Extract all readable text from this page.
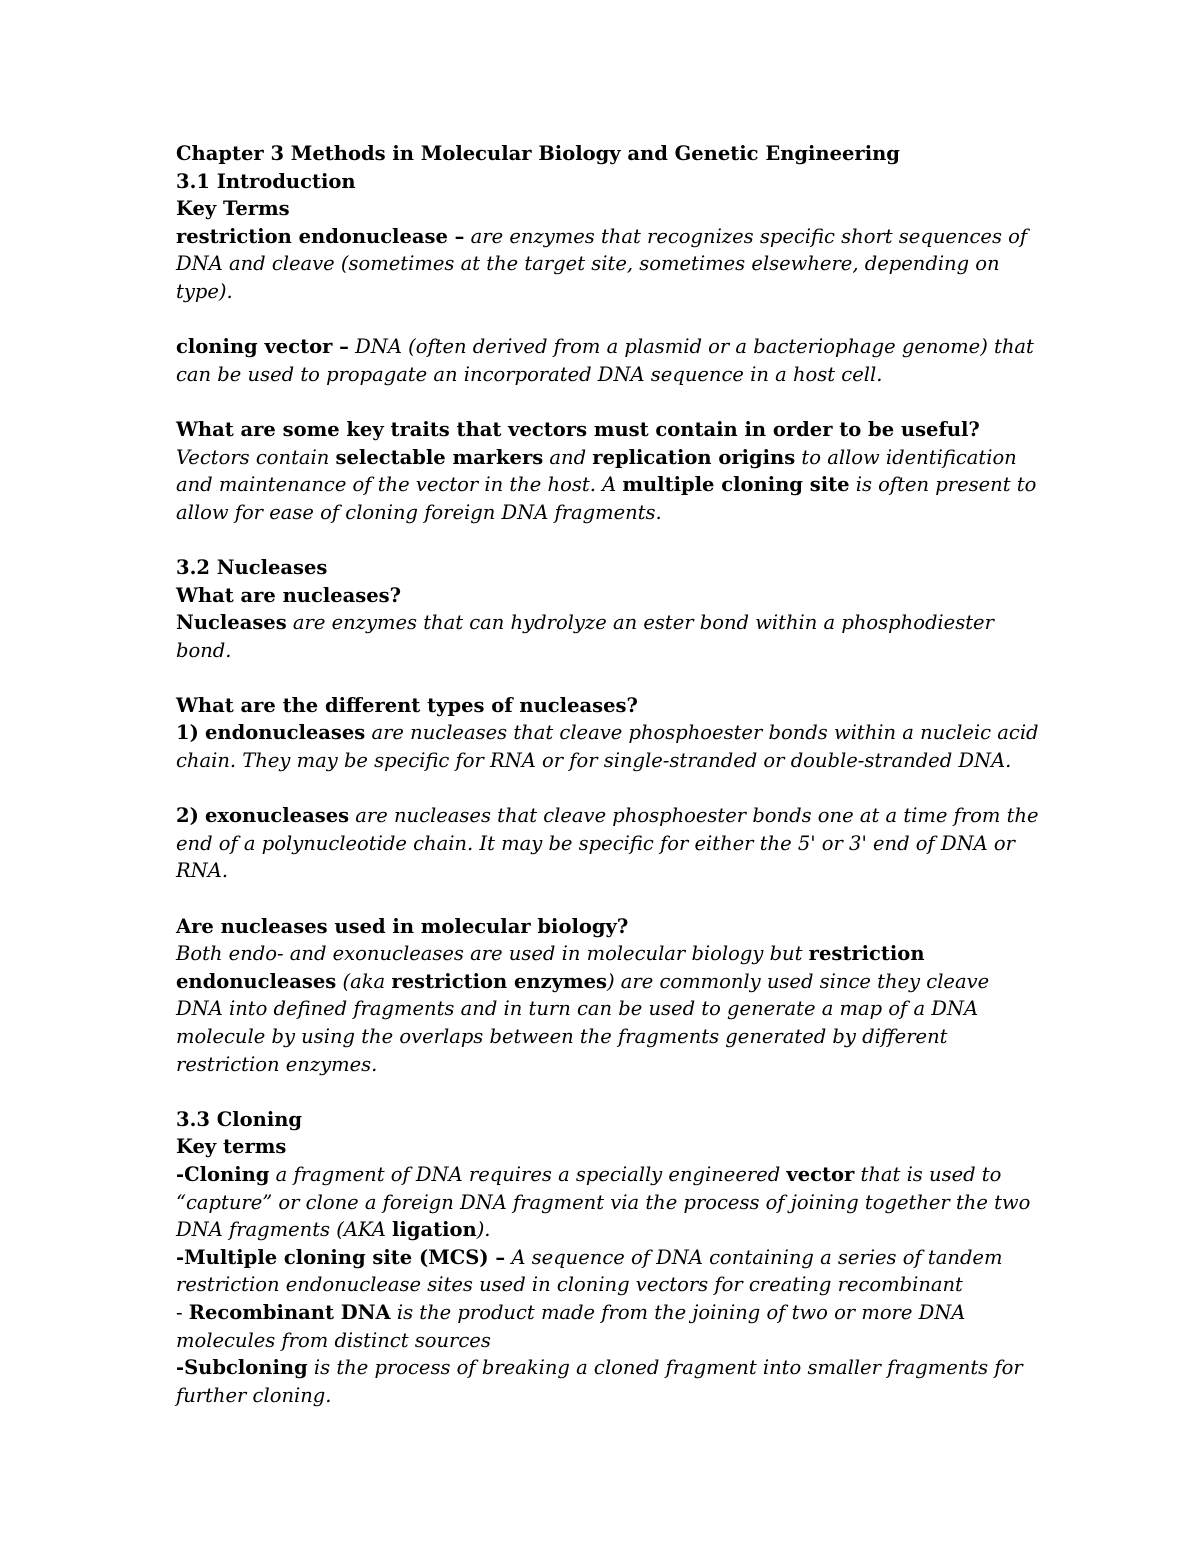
Chapter 3 Methods in Molecular Biology and Genetic Engineering
3.1 Introduction
Key Terms
restriction endonuclease – are enzymes that recognizes specific short sequences of
DNA and cleave (sometimes at the target site, sometimes elsewhere, depending on
type).
cloning vector – DNA (often derived from a plasmid or a bacteriophage genome) that
can be used to propagate an incorporated DNA sequence in a host cell.
What are some key traits that vectors must contain in order to be useful?
Vectors contain selectable markers and replication origins to allow identification
and maintenance of the vector in the host. A multiple cloning site is often present to
allow for ease of cloning foreign DNA fragments.
3.2 Nucleases
What are nucleases?
Nucleases are enzymes that can hydrolyze an ester bond within a phosphodiester
bond.
What are the different types of nucleases?
1) endonucleases are nucleases that cleave phosphoester bonds within a nucleic acid
chain. They may be specific for RNA or for single-stranded or double-stranded DNA.
2) exonucleases are nucleases that cleave phosphoester bonds one at a time from the
end of a polynucleotide chain. It may be specific for either the 5' or 3' end of DNA or
RNA.
Are nucleases used in molecular biology?
Both endo- and exonucleases are used in molecular biology but restriction
endonucleases (aka restriction enzymes) are commonly used since they cleave
DNA into defined fragments and in turn can be used to generate a map of a DNA
molecule by using the overlaps between the fragments generated by different
restriction enzymes.
3.3 Cloning
Key terms
-Cloning a fragment of DNA requires a specially engineered vector that is used to
“capture” or clone a foreign DNA fragment via the process of joining together the two
DNA fragments (AKA ligation).
-Multiple cloning site (MCS) – A sequence of DNA containing a series of tandem
restriction endonuclease sites used in cloning vectors for creating recombinant
- Recombinant DNA is the product made from the joining of two or more DNA
molecules from distinct sources
-Subcloning is the process of breaking a cloned fragment into smaller fragments for
further cloning.
